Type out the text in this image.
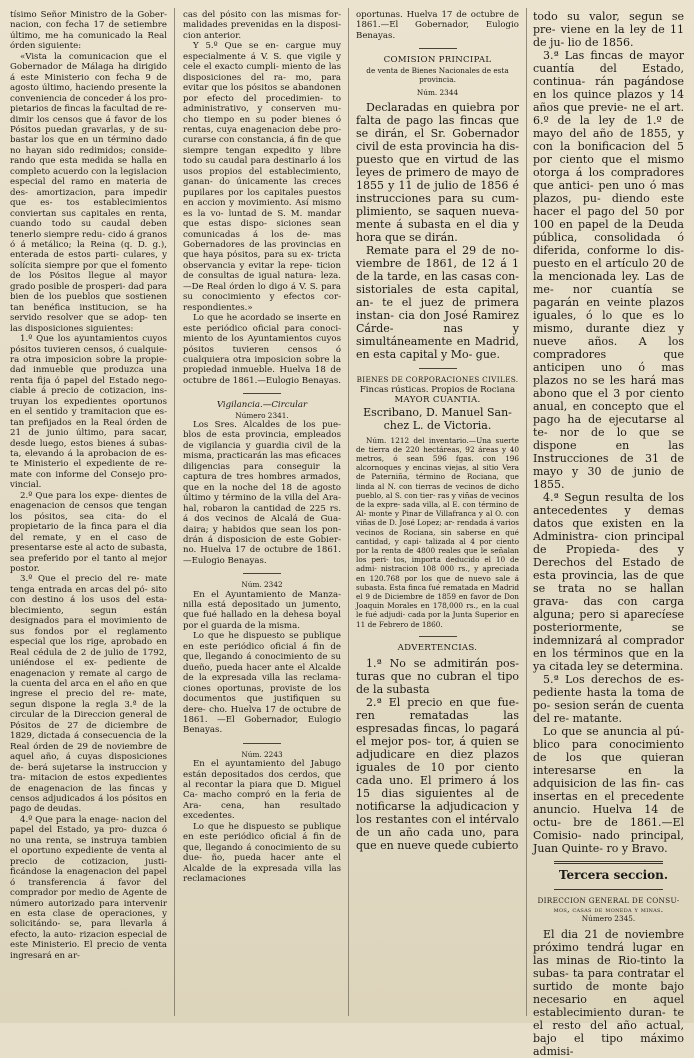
tísimo Señor Ministro de la Gober- nacion, con fecha 17 de setiembre último, me ha comunicado la Real órden siguiente:

«Vista la comunicacion que el Gobernador de Málaga ha dirigido á este Ministerio con fecha 9 de agosto último, haciendo presente la conveniencia de conceder á los pro- pietarios de fincas la facultad de re- dimir los censos que á favor de los Pósitos puedan gravarlas, y de su- bastar los que en un término dado no hayan sido redimidos; conside- rando que esta medida se halla en completo acuerdo con la legislacion especial del ramo en materia de des- amortizacion, para impedir que es- tos establecimientos conviertan sus capitales en renta, cuando todo su caudal deben tenerlo siempre redu- cido á granos ó á metálico; la Reina (q. D. g.), enterada de estos parti- culares, y solícita siempre por que el fomento de los Pósitos llegue al mayor grado posible de prosperi- dad para bien de los pueblos que sostienen tan benéfica institucion, se ha servido resolver que se adop- ten las disposiciones siguientes:

1.º Que los ayuntamientos cuyos pósitos tuvieren censos, ó cualquie- ra otra imposicion sobre la propie- dad inmueble que produzca una renta fija ó papel del Estado nego- ciable á precio de cotizacion, ins- truyan los expedientes oportunos en el sentido y tramitacion que es- tan prefijados en la Real órden de 21 de junio último, para sacar, desde luego, estos bienes á subas- ta, elevando á la aprobacion de es- te Ministerio el expediente de re- mate con informe del Consejo pro- vincial.

2.º Que para los expe- dientes de enagenacion de censos que tengan los pósitos, sea cita- do el propietario de la finca para el dia del remate, y en el caso de presentarse este al acto de subasta, sea preferido por el tanto al mejor postor.

3.º Que el precio del re- mate tenga entrada en arcas del pó- sito con destino á los usos del esta- blecimiento, segun están designados para el movimiento de sus fondos por el reglamento especial que los rige, aprobado en Real cédula de 2 de julio de 1792, uniéndose el ex- pediente de enagenacion y remate al cargo de la cuenta del arca en el año en que ingrese el precio del re- mate, segun dispone la regla 3.ª de la circular de la Direccion general de Pósitos de 27 de diciembre de 1829, dictada á consecuencia de la Real órden de 29 de noviembre de aquel año, á cuyas disposiciones de- berá sujetarse la instruccion y tra- mitacion de estos expedientes de enagenacion de las fincas y censos adjudicados á los pósitos en pago de deudas.

4.º Que para la enage- nacion del papel del Estado, ya pro- duzca ó no una renta, se instruya tambien el oportuno expediente de venta al precio de cotizacion, justi- ficándose la enagenacion del papel ó transferencia á favor del comprador por medio de Agente de número autorizado para intervenir en esta clase de operaciones, y solicitándo- se, para llevarla á efecto, la auto- rizacion especial de este Ministerio. El precio de venta ingresará en ar-

cas del pósito con las mismas for- malidades prevenidas en la disposi- cion anterior.

Y 5.º Que se en- cargue muy especialmente á V. S. que vigile y cele el exacto cumpli- miento de las disposiciones del ra- mo, para evitar que los pósitos se abandonen por efecto del procedimien- to administrativo, y conserven mu- cho tiempo en su poder bienes ó rentas, cuya enagenacion debe pro- curarse con constancia, á fin de que siempre tengan expedito y libre todo su caudal para destinarlo á los usos propios del establecimiento, ganan- do únicamente las creces pupilares por los capitales puestos en accion y movimiento. Así mismo es la vo- luntad de S. M. mandar que estas dispo- siciones sean comunicadas á los de- mas Gobernadores de las provincias en que haya pósitos, para su ex- tricta observancia y evitar la repe- ticion de consultas de igual natura- leza.—De Real órden lo digo á V. S. para su conocimiento y efectos cor- respondientes.»

Lo que he acordado se inserte en este periódico oficial para conoci- miento de los Ayuntamientos cuyos pósitos tuvieren censos ó cualquiera otra imposicion sobre la propiedad inmueble. Huelva 18 de octubre de 1861.—Eulogio Benayas.

Vigilancia.—Circular

Número 2341.

Los Sres. Alcaldes de los pue- blos de esta provincia, empleados de vigilancia y guardia civil de la misma, practicarán las mas eficaces diligencias para conseguir la captura de tres hombres armados, que en la noche del 18 de agosto último y término de la villa del Ara- hal, robaron la cantidad de 225 rs. á dos vecinos de Alcalá de Gua- daira; y habidos que sean los pon- drán á disposicion de este Gobier- no. Huelva 17 de octubre de 1861. —Eulogio Benayas.

Núm. 2342

En el Ayuntamiento de Manza- nilla está depositado un jumento, que fué hallado en la dehesa boyal por el guarda de la misma.

Lo que he dispuesto se publique en este periódico oficial á fin de que, llegando á conocimiento de su dueño, pueda hacer ante el Alcalde de la expresada villa las reclama- ciones oportunas, proviste de los documentos que justifiquen su dere- cho. Huelva 17 de octubre de 1861. —El Gobernador, Eulogio Benayas.

Núm. 2243

En el ayuntamiento del Jabugo están depositados dos cerdos, que al recontar la piara que D. Miguel Ca- macho compró en la feria de Ara- cena, han resultado excedentes.

Lo que he dispuesto se publique en este periódico oficial á fin de que, llegando á conocimiento de su due- ño, pueda hacer ante el Alcalde de la expresada villa las reclamaciones

oportunas. Huelva 17 de octubre de 1861.—El Gobernador, Eulogio Benayas.

COMISION PRINCIPAL

de venta de Bienes Nacionales de esta provincia.

Núm. 2344

Declaradas en quiebra por falta de pago las fincas que se dirán, el Sr. Gobernador civil de esta provincia ha dis- puesto que en virtud de las leyes de primero de mayo de 1855 y 11 de julio de 1856 é instrucciones para su cum- plimiento, se saquen nueva- mente á subasta en el dia y hora que se dirán.

Remate para el 29 de no- viembre de 1861, de 12 á 1 de la tarde, en las casas con- sistoriales de esta capital, an- te el juez de primera instan- cia don José Ramirez Cárde- nas y simultáneamente en Madrid, en esta capital y Mo- gue.

BIENES DE CORPORACIONES CIVILES.

Fincas rústicas. Propios de Rociana

MAYOR CUANTIA.

Escribano, D. Manuel San- chez L. de Victoria.

Núm. 1212 del inventario.—Una suerte de tierra de 220 hectáreas, 92 áreas y 40 metros, ó sean 596 fgas. con 196 alcornoques y encinas viejas, al sitio Vera de Paterniña, término de Rociana, que linda al N. con tierras de vecinos de dicho pueblo, al S. con tier- ras y viñas de vecinos de la expre- sada villa, al E. con término de Al- monte y Pinar de Villafranca y al O. con viñas de D. José Lopez; ar- rendada á varios vecinos de Rociana, sin saberse en qué cantidad, y capi- talizada al 4 por ciento por la renta de 4800 reales que le señalan los peri- tos, importa deducido el 10 de admi- nistracion 108 000 rs., y apreciada en 120.768 por los que de nuevo sale á subasta. Esta finca fué rematada en Madrid el 9 de Diciembre de 1859 en favor de Don Joaquin Morales en 178,000 rs., en la cual le fué adjudi- cada por la Junta Superior en 11 de Febrero de 1860.

ADVERTENCIAS.

1.ª No se admitirán pos- turas que no cubran el tipo de la subasta

2.ª El precio en que fue- ren rematadas las espresadas fincas, lo pagará el mejor pos- tor, á quien se adjudicare en diez plazos iguales de 10 por ciento cada uno. El primero á los 15 dias siguientes al de notificarse la adjudicacion y los restantes con el intérvalo de un año cada uno, para que en nueve quede cubierto

todo su valor, segun se pre- viene en la ley de 11 de ju- lio de 1856.

3.ª Las fincas de mayor cuantía del Estado, continua- rán pagándose en los quince plazos y 14 años que previe- ne el art. 6.º de la ley de 1.º de mayo del año de 1855, y con la bonificacion del 5 por ciento que el mismo otorga á los compradores que antici- pen uno ó mas plazos, pu- diendo este hacer el pago del 50 por 100 en papel de la Deuda pública, consolidada ó diferida, conforme lo dis- puesto en el artículo 20 de la mencionada ley. Las de me- nor cuantía se pagarán en veinte plazos iguales, ó lo que es lo mismo, durante diez y nueve años. A los compradores que anticipen uno ó mas plazos no se les hará mas abono que el 3 por ciento anual, en concepto que el pago ha de ejecutarse al te- nor de lo que se dispone en las Instrucciones de 31 de mayo y 30 de junio de 1855.

4.ª Segun resulta de los antecedentes y demas datos que existen en la Administra- cion principal de Propieda- des y Derechos del Estado de esta provincia, las de que se trata no se hallan grava- das con carga alguna; pero si aparecíese posteriormente, se indemnizará al comprador en los términos que en la ya citada ley se determina.

5.ª Los derechos de es- pediente hasta la toma de po- sesion serán de cuenta del re- matante.

Lo que se anuncia al pú- blico para conocimiento de los que quieran interesarse en la adquisicion de las fin- cas insertas en el precedente anuncio. Huelva 14 de octu- bre de 1861.—El Comisio- nado principal, Juan Quinte- ro y Bravo.

Tercera seccion.

DIRECCION GENERAL DE CONSU- mos, casas de moneda y minas.

Número 2345.

El dia 21 de noviembre próximo tendrá lugar en las minas de Rio-tinto la subas- ta para contratar el surtido de monte bajo necesario en aquel establecimiento duran- te el resto del año actual, bajo el tipo máximo admisi-
